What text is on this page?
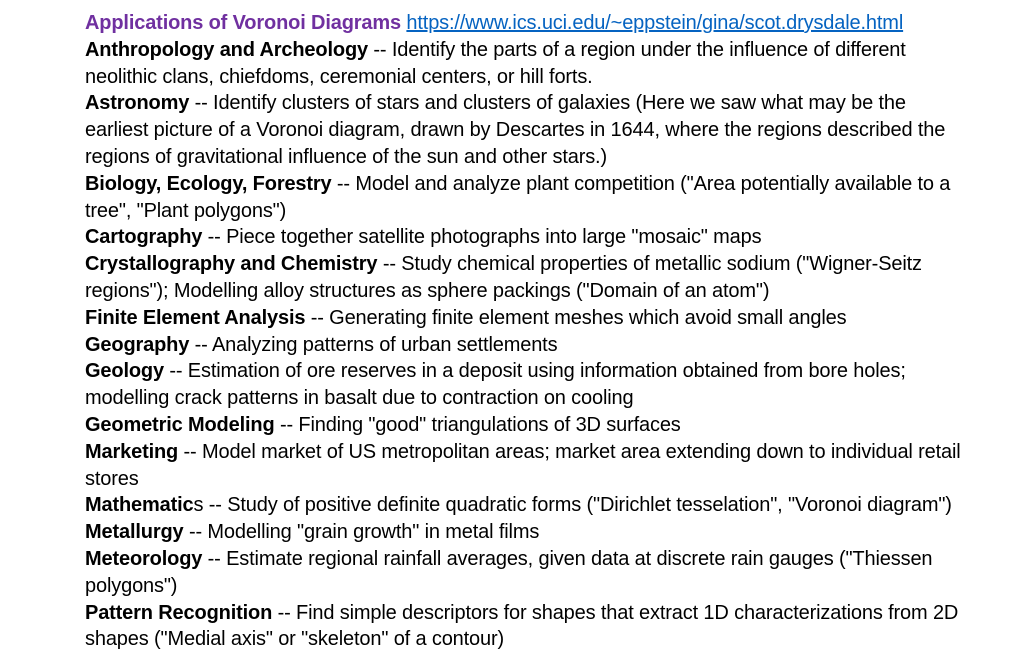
Applications of Voronoi Diagrams https://www.ics.uci.edu/~eppstein/gina/scot.drysdale.html

Anthropology and Archeology -- Identify the parts of a region under the influence of different neolithic clans, chiefdoms, ceremonial centers, or hill forts.

Astronomy -- Identify clusters of stars and clusters of galaxies (Here we saw what may be the earliest picture of a Voronoi diagram, drawn by Descartes in 1644, where the regions described the regions of gravitational influence of the sun and other stars.)

Biology, Ecology, Forestry -- Model and analyze plant competition ("Area potentially available to a tree", "Plant polygons")

Cartography -- Piece together satellite photographs into large "mosaic" maps

Crystallography and Chemistry -- Study chemical properties of metallic sodium ("Wigner-Seitz regions"); Modelling alloy structures as sphere packings ("Domain of an atom")

Finite Element Analysis -- Generating finite element meshes which avoid small angles

Geography -- Analyzing patterns of urban settlements

Geology -- Estimation of ore reserves in a deposit using information obtained from bore holes; modelling crack patterns in basalt due to contraction on cooling

Geometric Modeling -- Finding "good" triangulations of 3D surfaces

Marketing -- Model market of US metropolitan areas; market area extending down to individual retail stores

Mathematics -- Study of positive definite quadratic forms ("Dirichlet tesselation", "Voronoi diagram")

Metallurgy -- Modelling "grain growth" in metal films

Meteorology -- Estimate regional rainfall averages, given data at discrete rain gauges ("Thiessen polygons")

Pattern Recognition -- Find simple descriptors for shapes that extract 1D characterizations from 2D shapes ("Medial axis" or "skeleton" of a contour)
